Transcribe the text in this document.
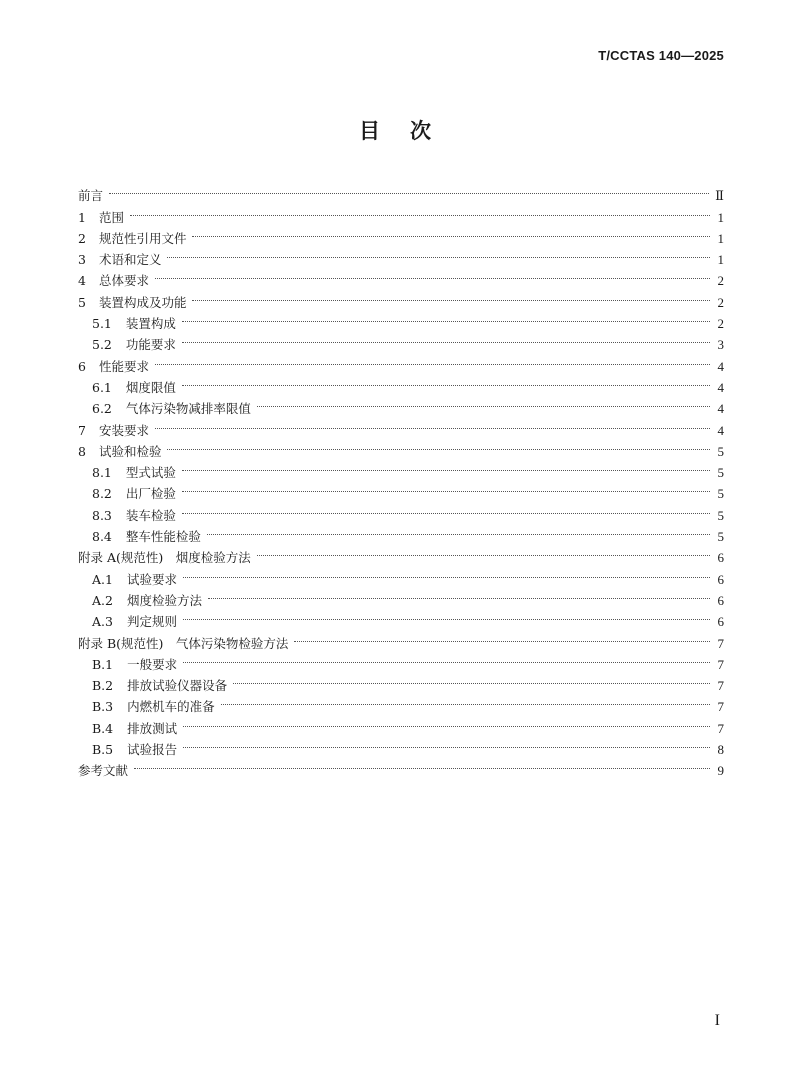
T/CCTAS 140—2025
目次
前言	Ⅱ
1 范围	1
2 规范性引用文件	1
3 术语和定义	1
4 总体要求	2
5 装置构成及功能	2
5.1 装置构成	2
5.2 功能要求	3
6 性能要求	4
6.1 烟度限值	4
6.2 气体污染物减排率限值	4
7 安装要求	4
8 试验和检验	5
8.1 型式试验	5
8.2 出厂检验	5
8.3 装车检验	5
8.4 整车性能检验	5
附录 A(规范性)　烟度检验方法	6
A.1 试验要求	6
A.2 烟度检验方法	6
A.3 判定规则	6
附录 B(规范性)　气体污染物检验方法	7
B.1 一般要求	7
B.2 排放试验仪器设备	7
B.3 内燃机车的准备	7
B.4 排放测试	7
B.5 试验报告	8
参考文献	9
I
